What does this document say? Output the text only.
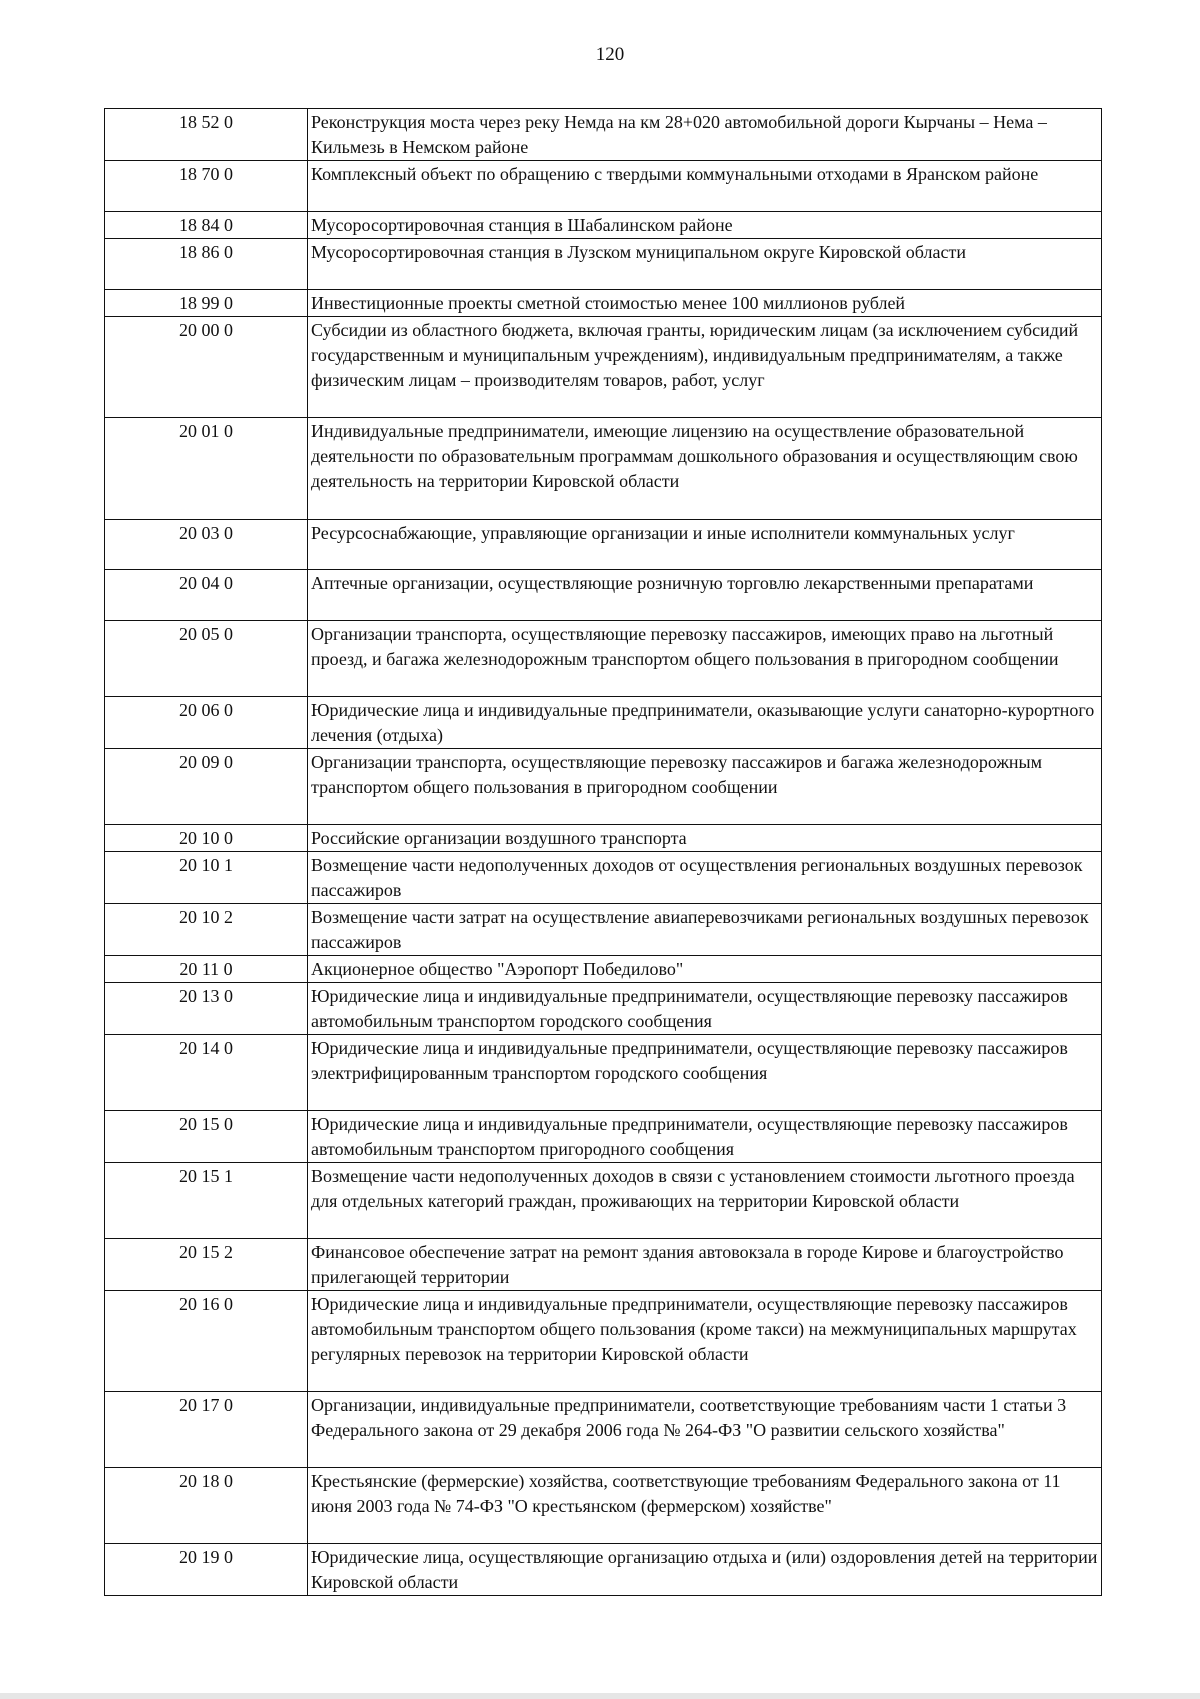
120
18 52 0	Реконструкция моста через реку Немда на км 28+020 автомобильной дороги Кырчаны – Нема – Кильмезь в Немском районе
18 70 0	Комплексный объект по обращению с твердыми коммунальными отходами в Яранском районе
18 84 0	Мусоросортировочная станция в Шабалинском районе
18 86 0	Мусоросортировочная станция в Лузском муниципальном округе Кировской области
18 99 0	Инвестиционные проекты сметной стоимостью менее 100 миллионов рублей
20 00 0	Субсидии из областного бюджета, включая гранты, юридическим лицам (за исключением субсидий государственным и муниципальным учреждениям), индивидуальным предпринимателям, а также физическим лицам – производителям товаров, работ, услуг
20 01 0	Индивидуальные предприниматели, имеющие лицензию на осуществление образовательной деятельности по образовательным программам дошкольного образования и осуществляющим свою деятельность на территории Кировской области
20 03 0	Ресурсоснабжающие, управляющие организации и иные исполнители коммунальных услуг
20 04 0	Аптечные организации, осуществляющие розничную торговлю лекарственными препаратами
20 05 0	Организации транспорта, осуществляющие перевозку пассажиров, имеющих право на льготный проезд, и багажа железнодорожным транспортом общего пользования в пригородном сообщении
20 06 0	Юридические лица и индивидуальные предприниматели, оказывающие услуги санаторно-курортного лечения (отдыха)
20 09 0	Организации транспорта, осуществляющие перевозку пассажиров и багажа железнодорожным транспортом общего пользования в пригородном сообщении
20 10 0	Российские организации воздушного транспорта
20 10 1	Возмещение части недополученных доходов от осуществления региональных воздушных перевозок пассажиров
20 10 2	Возмещение части затрат на осуществление авиаперевозчиками региональных воздушных перевозок пассажиров
20 11 0	Акционерное общество "Аэропорт Победилово"
20 13 0	Юридические лица и индивидуальные предприниматели, осуществляющие перевозку пассажиров автомобильным транспортом городского сообщения
20 14 0	Юридические лица и индивидуальные предприниматели, осуществляющие перевозку пассажиров электрифицированным транспортом городского сообщения
20 15 0	Юридические лица и индивидуальные предприниматели, осуществляющие перевозку пассажиров автомобильным транспортом пригородного сообщения
20 15 1	Возмещение части недополученных доходов в связи с установлением стоимости льготного проезда для отдельных категорий граждан, проживающих на территории Кировской области
20 15 2	Финансовое обеспечение затрат на ремонт здания автовокзала в городе Кирове и благоустройство прилегающей территории
20 16 0	Юридические лица и индивидуальные предприниматели, осуществляющие перевозку пассажиров автомобильным транспортом общего пользования (кроме такси) на межмуниципальных маршрутах регулярных перевозок на территории Кировской области
20 17 0	Организации, индивидуальные предприниматели, соответствующие требованиям части 1 статьи 3 Федерального закона от 29 декабря 2006 года № 264-ФЗ "О развитии сельского хозяйства"
20 18 0	Крестьянские (фермерские) хозяйства, соответствующие требованиям Федерального закона от 11 июня 2003 года № 74-ФЗ "О крестьянском (фермерском) хозяйстве"
20 19 0	Юридические лица, осуществляющие организацию отдыха и (или) оздоровления детей на территории Кировской области
